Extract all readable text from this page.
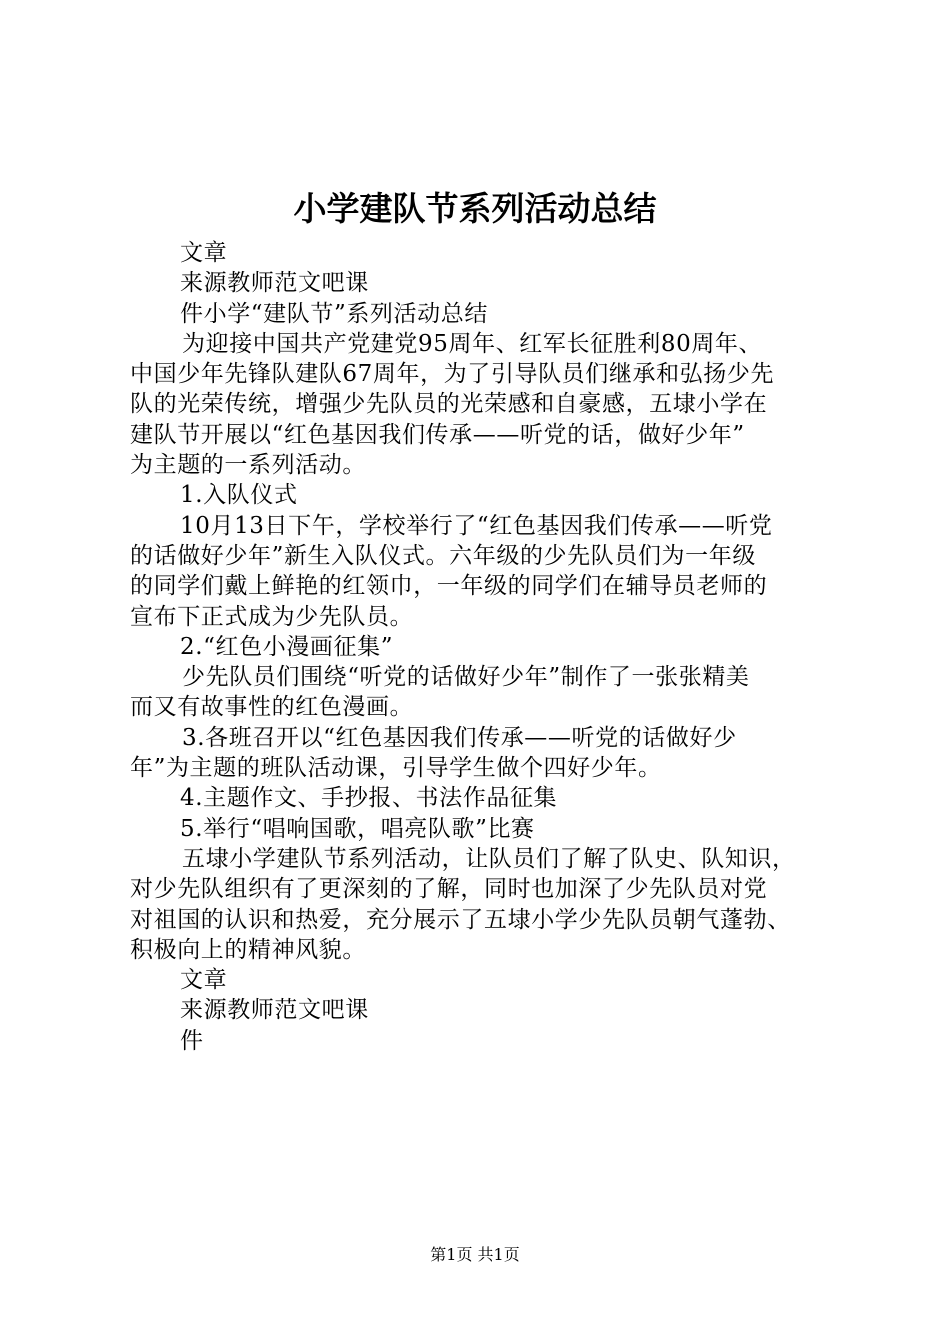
小学建队节系列活动总结
文章
来源教师范文吧课
件小学“建队节”系列活动总结
为迎接中国共产党建党95周年、红军长征胜利80周年、
中国少年先锋队建队67周年，为了引导队员们继承和弘扬少先
队的光荣传统，增强少先队员的光荣感和自豪感，五埭小学在
建队节开展以“红色基因我们传承——听党的话，做好少年”
为主题的一系列活动。
1.入队仪式
10月13日下午，学校举行了“红色基因我们传承——听党
的话做好少年”新生入队仪式。六年级的少先队员们为一年级
的同学们戴上鲜艳的红领巾，一年级的同学们在辅导员老师的
宣布下正式成为少先队员。
2.“红色小漫画征集”
少先队员们围绕“听党的话做好少年”制作了一张张精美
而又有故事性的红色漫画。
3.各班召开以“红色基因我们传承——听党的话做好少
年”为主题的班队活动课，引导学生做个四好少年。
4.主题作文、手抄报、书法作品征集
5.举行“唱响国歌，唱亮队歌”比赛
五埭小学建队节系列活动，让队员们了解了队史、队知识，
对少先队组织有了更深刻的了解，同时也加深了少先队员对党
对祖国的认识和热爱，充分展示了五埭小学少先队员朝气蓬勃、
积极向上的精神风貌。
文章
来源教师范文吧课
件
第1页 共1页
